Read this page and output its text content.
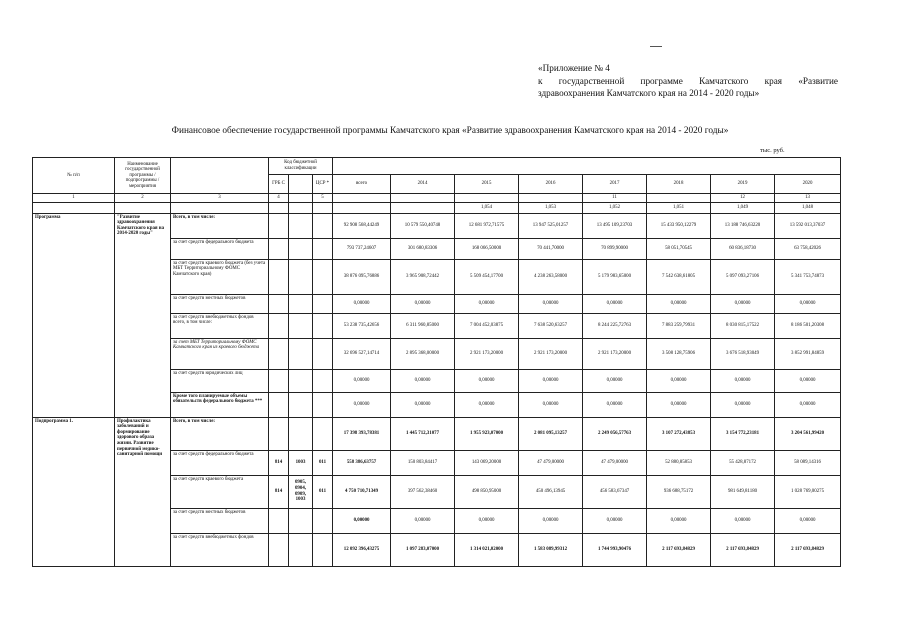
«Приложение № 4
к государственной программе Камчатского края «Развитие
здравоохранения Камчатского края на 2014 - 2020 годы»
Финансовое обеспечение государственной программы Камчатского края «Развитие здравоохранения Камчатского края на 2014 - 2020 годы»
тыс. руб.
№ п/п	Наименование государственной программы / подпрограммы / мероприятия		Код бюджетной классификации										
			ГРБ С		ЦСР *	всего	2014	2015	2016	2017	2018	2019	2020
1	2	3	4		5					11		12	13
								1,054	1,053	1,052	1,051	1,049	1,048
Программа	"Развитие здравоохранения Камчатского края на 2014-2020 годы"	Всего, в том числе:				92 908 568,44249	10 579 550,40748	12 681 972,71575	13 947 525,01257	13 495 109,23703	15 433 950,12279	13 188 746,63220	13 592 013,37037
		за счет средств федерального бюджета				793 737,24607	301 680,83306	168 066,50000	70 441,70000	70 899,90000	58 051,70545	60 836,18730	63 758,42026
		за счет средств краевого бюджета (без учета МБТ Территориальному ФОМС Камчатского края)				38 876 095,76886	3 965 908,72442	5 509 454,17700	4 238 263,58000	5 179 983,65000	7 542 638,61805	5 097 093,27106	5 341 753,74873
		за счет средств местных бюджетов				0,00000	0,00000	0,00000	0,00000	0,00000	0,00000	0,00000	0,00000
		за счет средств внебюджетных фондов всего, в том числе:				53 238 735,42656	6 311 960,85000	7 004 452,03875	7 638 520,63257	8 244 225,72763	7 883 259,79931	8 030 815,17522	8 186 501,20308
		за счет МБТ Территориальному ФОМС Камчатского края из краевого бюджета				32 696 527,14714	2 895 368,00000	2 921 173,20000	2 921 173,20000	2 921 173,20000	3 508 128,75906	3 676 518,93049	3 852 991,84859
		за счет средств юридических лиц				0,00000	0,00000	0,00000	0,00000	0,00000	0,00000	0,00000	0,00000
		Кроме того планируемые объемы обязательств федерального бюджета ***				0,00000	0,00000	0,00000	0,00000	0,00000	0,00000	0,00000	0,00000
Подпрограмма 1.	Профилактика заболеваний и формирование здорового образа жизни. Развитие первичной медико-санитарной помощи	Всего, в том числе:				17 398 393,78381	1 445 712,31077	1 955 923,07000	2 081 095,13257	2 249 056,57763	3 107 272,43853	3 154 772,23181	3 204 561,99420
		за счет средств федерального бюджета	814	1003	011	558 386,63757	150 803,84417	143 069,20000	47 479,00000	47 479,00000	52 880,85853	55 428,87172	58 089,14316
		за счет средств краевого бюджета	814	0905, 0904, 0909, 1003	011	4 750 710,71349	397 562,38460	498 850,95000	450 496,13945	456 583,67347	936 688,75172	981 649,81180	1 028 769,00275
		за счет средств местных бюджетов				0,00000	0,00000	0,00000	0,00000	0,00000	0,00000	0,00000	0,00000
		за счет средств внебюджетных фондов				12 092 396,43275	1 097 283,07000	1 314 021,02000	1 583 089,99312	1 744 993,90476	2 117 693,84829	2 117 693,84829	2 117 693,84829
